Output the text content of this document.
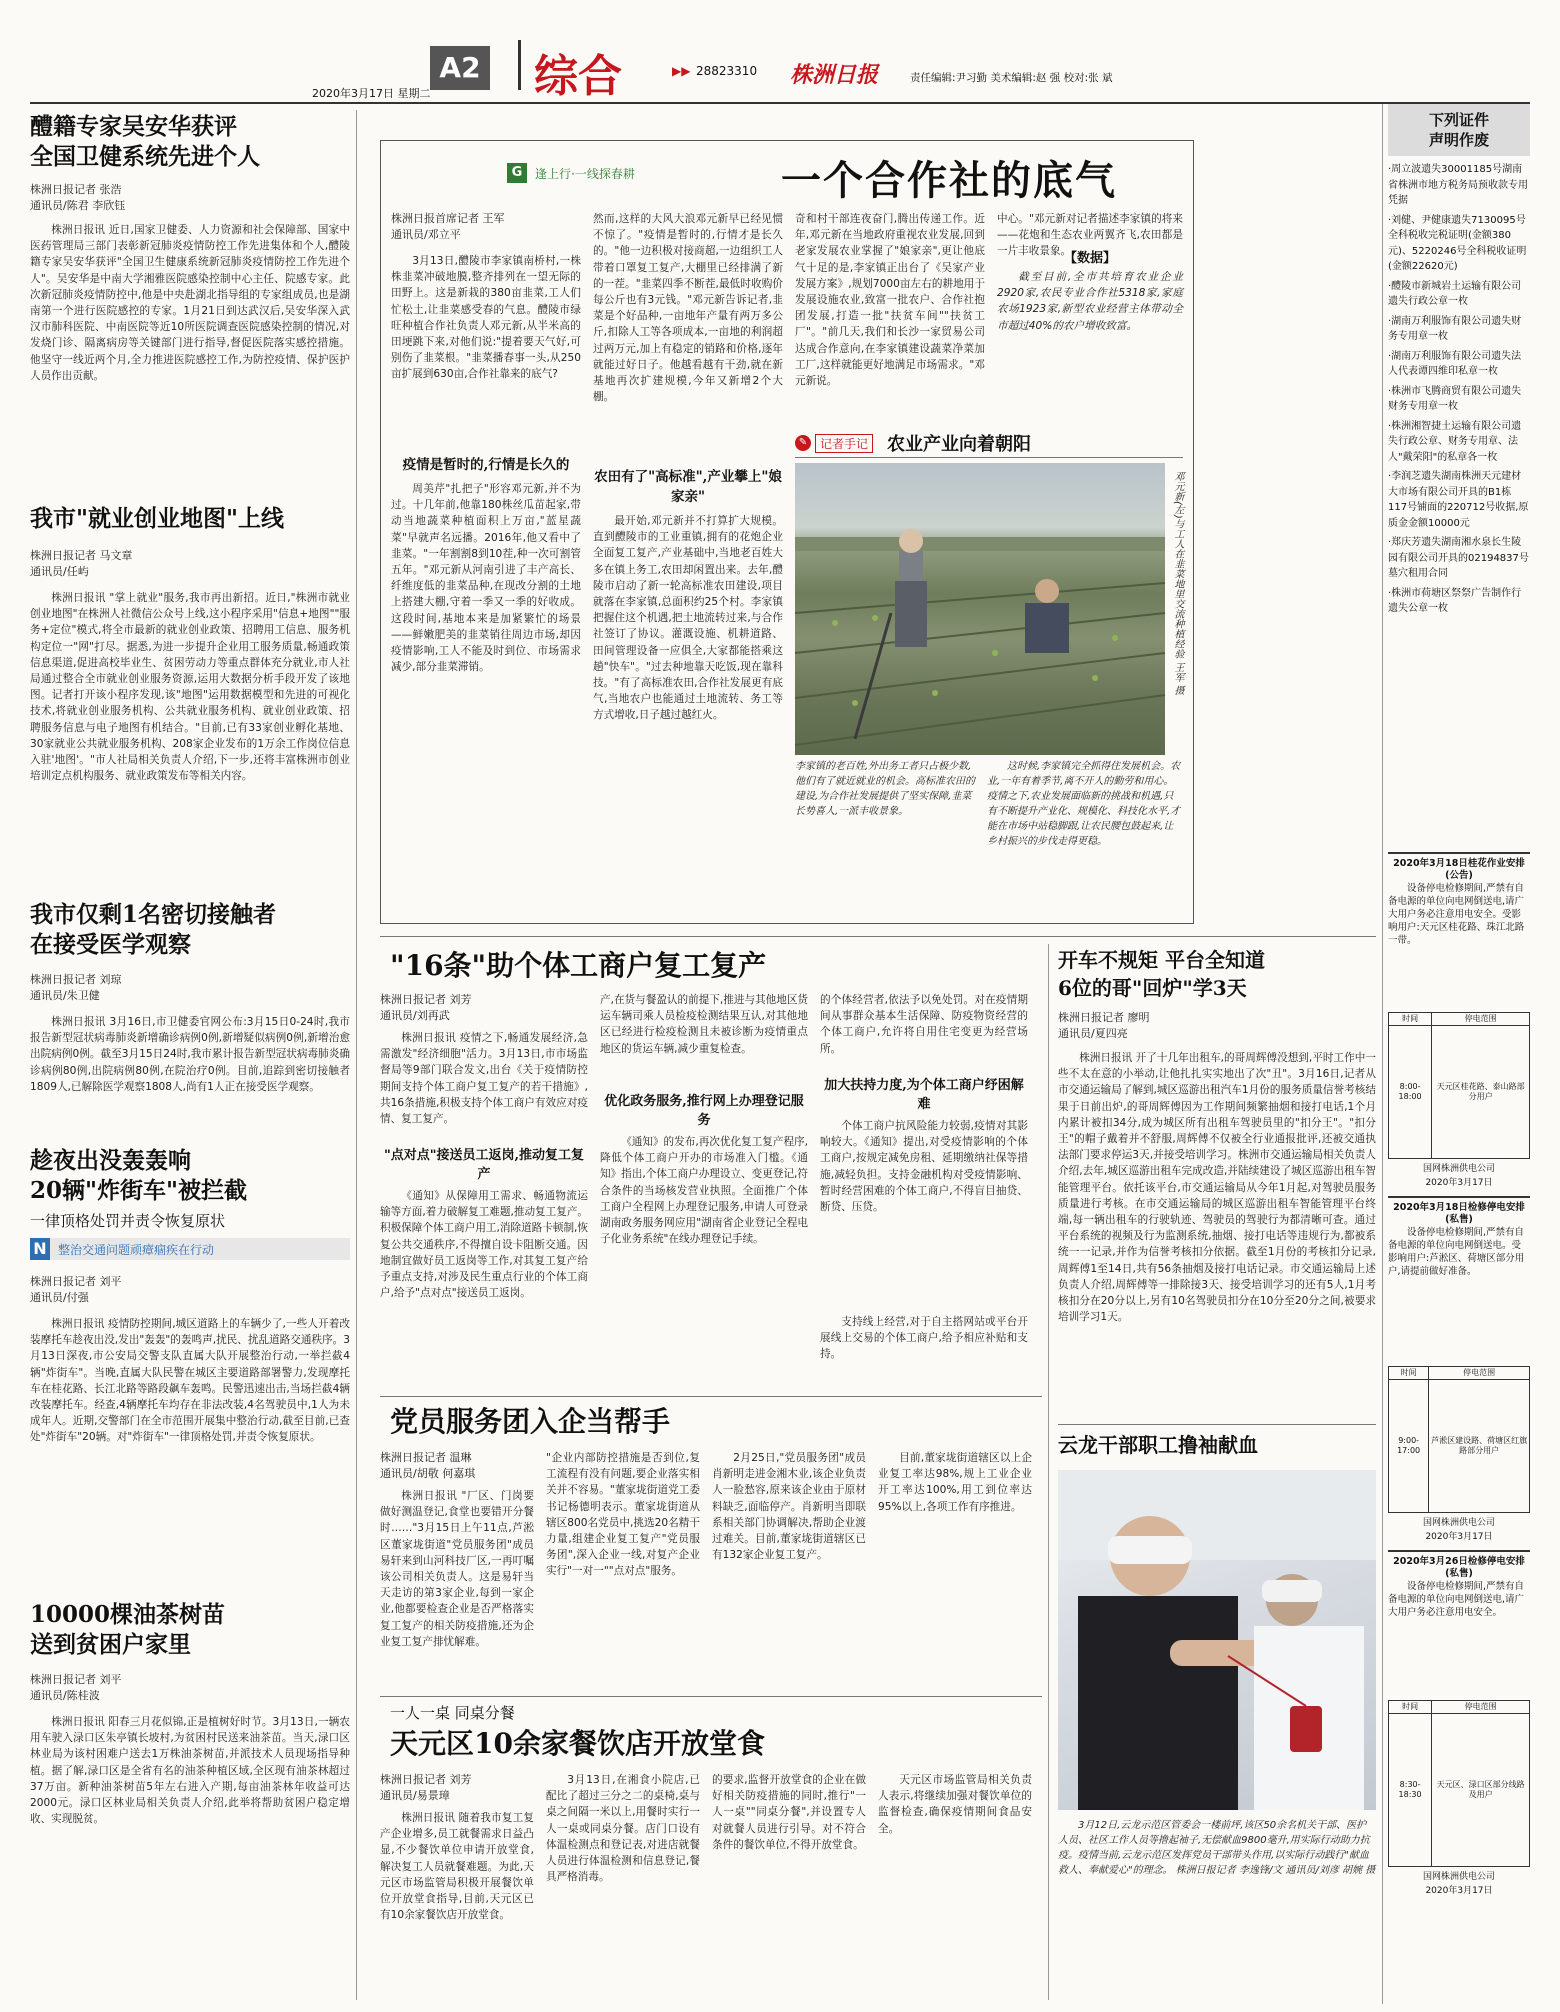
2020年3月17日 星期二
A2 综合	▶▶ 28823310 株洲日报	责任编辑:尹习勤 美术编辑:赵 强 校对:张 斌
醴籍专家吴安华获评
全国卫健系统先进个人
株洲日报记者 张浩
通讯员/陈君 李欣钰
株洲日报讯 近日,国家卫健委、人力资源和社会保障部、国家中医药管理局三部门表彰新冠肺炎疫情防控工作先进集体和个人,醴陵籍专家吴安华获评"全国卫生健康系统新冠肺炎疫情防控工作先进个人"。吴安华是中南大学湘雅医院感染控制中心主任、院感专家。此次新冠肺炎疫情防控中,他是中央赴湖北指导组的专家组成员,也是湖南第一个进行医院感控的专家。1月21日到达武汉后,吴安华深入武汉市肺科医院、中南医院等近10所医院调查医院感染控制的情况,对发烧门诊、隔离病房等关键部门进行指导,督促医院落实感控措施。他坚守一线近两个月,全力推进医院感控工作,为防控疫情、保护医护人员作出贡献。
我市"就业创业地图"上线
株洲日报记者 马文章
通讯员/任屿
株洲日报讯 "掌上就业"服务,我市再出新招。近日,"株洲市就业创业地图"在株洲人社微信公众号上线,这小程序采用"信息+地图""服务+定位"模式,将全市最新的就业创业政策、招聘用工信息、服务机构定位一"网"打尽。据悉,为进一步提升企业用工服务质量,畅通政策信息渠道,促进高校毕业生、贫困劳动力等重点群体充分就业,市人社局通过整合全市就业创业服务资源,运用大数据分析手段开发了该地图。记者打开该小程序发现,该"地图"运用数据模型和先进的可视化技术,将就业创业服务机构、公共就业服务机构、就业创业政策、招聘服务信息与电子地图有机结合。"目前,已有33家创业孵化基地、30家就业公共就业服务机构、208家企业发布的1万余工作岗位信息入驻'地图'。"市人社局相关负责人介绍,下一步,还将丰富株洲市创业培训定点机构服务、就业政策发布等相关内容。
我市仅剩1名密切接触者
在接受医学观察
株洲日报记者 刘琼
通讯员/朱卫健
株洲日报讯 3月16日,市卫健委官网公布:3月15日0-24时,我市报告新型冠状病毒肺炎新增确诊病例0例,新增疑似病例0例,新增治愈出院病例0例。截至3月15日24时,我市累计报告新型冠状病毒肺炎确诊病例80例,出院病例80例,在院治疗0例。目前,追踪到密切接触者1809人,已解除医学观察1808人,尚有1人正在接受医学观察。
趁夜出没轰轰响
20辆"炸街车"被拦截
一律顶格处罚并责令恢复原状
N 整治交通问题顽瘴痼疾在行动
株洲日报记者 刘平
通讯员/付强
株洲日报讯 疫情防控期间,城区道路上的车辆少了,一些人开着改装摩托车趁夜出没,发出"轰轰"的轰鸣声,扰民、扰乱道路交通秩序。3月13日深夜,市公安局交警支队直属大队开展整治行动,一举拦截4辆"炸街车"。当晚,直属大队民警在城区主要道路部署警力,发现摩托车在桂花路、长江北路等路段飙车轰鸣。民警迅速出击,当场拦截4辆改装摩托车。经查,4辆摩托车均存在非法改装,4名驾驶员中,1人为未成年人。近期,交警部门在全市范围开展集中整治行动,截至目前,已查处"炸街车"20辆。对"炸街车"一律顶格处罚,并责令恢复原状。
10000棵油茶树苗
送到贫困户家里
株洲日报记者 刘平
通讯员/陈桂波
株洲日报讯 阳春三月花似锦,正是植树好时节。3月13日,一辆农用车驶入渌口区朱亭镇长坡村,为贫困村民送来油茶苗。当天,渌口区林业局为该村困难户送去1万株油茶树苗,并派技术人员现场指导种植。据了解,渌口区是全省有名的油茶种植区域,全区现有油茶林超过37万亩。新种油茶树苗5年左右进入产期,每亩油茶林年收益可达2000元。渌口区林业局相关负责人介绍,此举将帮助贫困户稳定增收、实现脱贫。
G	逢上行·一线探春耕	一个合作社的底气
株洲日报首席记者 王军
通讯员/邓立平
3月13日,醴陵市李家镇南桥村,一株株韭菜冲破地膜,整齐排列在一望无际的田野上。这是新栽的380亩韭菜,工人们忙松土,让韭菜感受春的气息。醴陵市绿旺种植合作社负责人邓元新,从半米高的田埂跳下来,对他们说:"提着要天气好,可别伤了韭菜根。"韭菜播春事一头,从250亩扩展到630亩,合作社靠来的底气?
疫情是暂时的,行情是长久的
周美芹"扎把子"形容邓元新,并不为过。十几年前,他靠180株丝瓜苗起家,带动当地蔬菜种植面积上万亩,"蓝星蔬菜"早就声名远播。2016年,他又看中了韭菜。"一年割割8到10茬,种一次可割管五年。"邓元新从河南引进了丰产高长、纤维度低的韭菜品种,在现改分割的土地上搭建大棚,守着一季又一季的好收成。这段时间,基地本来是加紧繁忙的场景——鲜嫩肥美的韭菜销往周边市场,却因疫情影响,工人不能及时到位、市场需求减少,部分韭菜滞销。
然而,这样的大风大浪邓元新早已经见惯不惊了。"疫情是暂时的,行情才是长久的。"他一边积极对接商超,一边组织工人带着口罩复工复产,大棚里已经排满了新的一茬。"韭菜四季不断茬,最低时收购价每公斤也有3元钱。"邓元新告诉记者,韭菜是个好品种,一亩地年产量有两万多公斤,扣除人工等各项成本,一亩地的利润超过两万元,加上有稳定的销路和价格,逐年就能过好日子。他越看越有干劲,就在新基地再次扩建规模,今年又新增2个大棚。
农田有了"高标准",产业攀上"娘家亲"
最开始,邓元新并不打算扩大规模。直到醴陵市的工业重镇,拥有的花炮企业全面复工复产,产业基础中,当地老百姓大多在镇上务工,农田却闲置出来。去年,醴陵市启动了新一轮高标准农田建设,项目就落在李家镇,总面积约25个村。李家镇把握住这个机遇,把土地流转过来,与合作社签订了协议。灌溉设施、机耕道路、田间管理设备一应俱全,大家都能搭乘这趟"快车"。"过去种地靠天吃饭,现在靠科技。"有了高标准农田,合作社发展更有底气,当地农户也能通过土地流转、务工等方式增收,日子越过越红火。
奇和村干部连夜奋门,腾出传递工作。近年,邓元新在当地政府重视农业发展,回到老家发展农业掌握了"娘家亲",更让他底气十足的是,李家镇正出台了《吴家产业发展方案》,规划7000亩左右的耕地用于发展设施农业,致富一批农户、合作社抱团发展,打造一批"扶贫车间""扶贫工厂"。"前几天,我们和长沙一家贸易公司达成合作意向,在李家镇建设蔬菜净菜加工厂,这样就能更好地满足市场需求。"邓元新说。
中心。"邓元新对记者描述李家镇的将来——花炮和生态农业两翼齐飞,农田都是一片丰收景象。
【数据】
截至目前,全市共培育农业企业2920家,农民专业合作社5318家,家庭农场1923家,新型农业经营主体带动全市超过40%的农户增收致富。
✎	记者手记 农业产业向着朝阳
邓元新(左)与工人在韭菜地里交流种植经验 王军 摄
李家镇的老百姓,外出务工者只占极少数,他们有了就近就业的机会。高标准农田的建设,为合作社发展提供了坚实保障,韭菜长势喜人,一派丰收景象。
这时候,李家镇完全抓得住发展机会。农业,一年有着季节,离不开人的勤劳和用心。疫情之下,农业发展面临新的挑战和机遇,只有不断提升产业化、规模化、科技化水平,才能在市场中站稳脚跟,让农民腰包鼓起来,让乡村振兴的步伐走得更稳。
下列证件
声明作废
·周立波遗失30001185号湖南省株洲市地方税务局预收款专用凭据
·刘健、尹健康遗失7130095号全科税收完税证明(金额380元)、5220246号全科税收证明(金额22620元)
·醴陵市新城岩土运输有限公司遗失行政公章一枚
·湖南万利服饰有限公司遗失财务专用章一枚
·湖南万利服饰有限公司遗失法人代表谭四维印私章一枚
·株洲市飞腾商贸有限公司遗失财务专用章一枚
·株洲湘智捷土运输有限公司遗失行政公章、财务专用章、法人"戴荣阳"的私章各一枚
·李润芝遗失湖南株洲天元建材大市场有限公司开具的B1栋117号铺面的220712号收据,原质金金额10000元
·郑庆芳遗失湖南湘水泉长生陵园有限公司开具的02194837号墓穴租用合同
·株洲市荷塘区祭祭广告制作行遗失公章一枚
2020年3月18日桂花作业安排(公告)
设备停电检修期间,严禁有自备电源的单位向电网倒送电,请广大用户务必注意用电安全。受影响用户:天元区桂花路、珠江北路一带。
时间	停电范围
8:00-18:00	天元区桂花路、泰山路部分用户
国网株洲供电公司
2020年3月17日
2020年3月18日检修停电安排(私售)
设备停电检修期间,严禁有自备电源的单位向电网倒送电。受影响用户:芦淞区、荷塘区部分用户,请提前做好准备。
时间	停电范围
9:00-17:00	芦淞区建设路、荷塘区红旗路部分用户
国网株洲供电公司
2020年3月17日
2020年3月26日检修停电安排(私售)
设备停电检修期间,严禁有自备电源的单位向电网倒送电,请广大用户务必注意用电安全。
时间	停电范围
8:30-18:30	天元区、渌口区部分线路及用户
国网株洲供电公司
2020年3月17日
"16条"助个体工商户复工复产
株洲日报记者 刘芳
通讯员/刘再武
株洲日报讯 疫情之下,畅通发展经济,急需激发"经济细胞"活力。3月13日,市市场监督局等9部门联合发文,出台《关于疫情防控期间支持个体工商户复工复产的若干措施》,共16条措施,积极支持个体工商户有效应对疫情、复工复产。
"点对点"接送员工返岗,推动复工复产
《通知》从保障用工需求、畅通物流运输等方面,着力破解复工难题,推动复工复产。积极保障个体工商户用工,消除道路卡顿制,恢复公共交通秩序,不得擅自设卡阻断交通。因地制宜做好员工返岗等工作,对其复工复产给予重点支持,对涉及民生重点行业的个体工商户,给予"点对点"接送员工返岗。
产,在货与餐盈认的前提下,推进与其他地区货运车辆司乘人员检疫检测结果互认,对其他地区已经进行检疫检测且未被诊断为疫情重点地区的货运车辆,减少重复检查。
优化政务服务,推行网上办理登记服务
《通知》的发布,再次优化复工复产程序,降低个体工商户开办的市场准入门槛。《通知》指出,个体工商户办理设立、变更登记,符合条件的当场核发营业执照。全面推广个体工商户全程网上办理登记服务,申请人可登录湖南政务服务网应用"湖南省企业登记全程电子化业务系统"在线办理登记手续。
的个体经营者,依法予以免处罚。对在疫情期间从事群众基本生活保障、防疫物资经营的个体工商户,允许将自用住宅变更为经营场所。
加大扶持力度,为个体工商户纾困解难
个体工商户抗风险能力较弱,疫情对其影响较大。《通知》提出,对受疫情影响的个体工商户,按规定减免房租、延期缴纳社保等措施,减轻负担。支持金融机构对受疫情影响、暂时经营困难的个体工商户,不得盲目抽贷、断贷、压贷。
支持线上经营,对于自主搭网站或平台开展线上交易的个体工商户,给予相应补贴和支持。
党员服务团入企当帮手
株洲日报记者 温琳
通讯员/胡敬 何嘉琪
株洲日报讯 "厂区、门岗要做好测温登记,食堂也要错开分餐时……"3月15日上午11点,芦淞区董家垅街道"党员服务团"成员易轩来到山河科技厂区,一再叮嘱该公司相关负责人。这是易轩当天走访的第3家企业,每到一家企业,他都要检查企业是否严格落实复工复产的相关防疫措施,还为企业复工复产排忧解难。
"企业内部防控措施是否到位,复工流程有没有问题,要企业落实相关并不容易。"董家垅街道党工委书记杨德明表示。董家垅街道从辖区800名党员中,挑选20名精干力量,组建企业复工复产"党员服务团",深入企业一线,对复产企业实行"一对一""点对点"服务。
2月25日,"党员服务团"成员肖新明走进金湘木业,该企业负责人一脸愁容,原来该企业由于原材料缺乏,面临停产。肖新明当即联系相关部门协调解决,帮助企业渡过难关。目前,董家垅街道辖区已有132家企业复工复产。
目前,董家垅街道辖区以上企业复工率达98%,规上工业企业开工率达100%,用工到位率达95%以上,各项工作有序推进。
一人一桌 同桌分餐
天元区10余家餐饮店开放堂食
株洲日报记者 刘芳
通讯员/易景璋
株洲日报讯 随着我市复工复产企业增多,员工就餐需求日益凸显,不少餐饮单位申请开放堂食,解决复工人员就餐难题。为此,天元区市场监管局积极开展餐饮单位开放堂食指导,目前,天元区已有10余家餐饮店开放堂食。
3月13日,在湘食小院店,已配比了超过三分之二的桌椅,桌与桌之间隔一米以上,用餐时实行一人一桌或同桌分餐。店门口设有体温检测点和登记表,对进店就餐人员进行体温检测和信息登记,餐具严格消毒。
的要求,监督开放堂食的企业在做好相关防疫措施的同时,推行"一人一桌""同桌分餐",并设置专人对就餐人员进行引导。对不符合条件的餐饮单位,不得开放堂食。
天元区市场监管局相关负责人表示,将继续加强对餐饮单位的监督检查,确保疫情期间食品安全。
开车不规矩 平台全知道
6位的哥"回炉"学3天
株洲日报记者 廖明
通讯员/夏四亮
株洲日报讯 开了十几年出租车,的哥周辉傅没想到,平时工作中一些不太在意的小举动,让他扎扎实实地出了次"丑"。3月16日,记者从市交通运输局了解到,城区巡游出租汽车1月份的服务质量信誉考核结果于日前出炉,的哥周辉傅因为工作期间频繁抽烟和接打电话,1个月内累计被扣34分,成为城区所有出租车驾驶员里的"扣分王"。"扣分王"的帽子戴着并不舒服,周辉傅不仅被全行业通报批评,还被交通执法部门要求停运3天,并接受培训学习。株洲市交通运输局相关负责人介绍,去年,城区巡游出租车完成改造,并陆续建设了城区巡游出租车智能管理平台。依托该平台,市交通运输局从今年1月起,对驾驶员服务质量进行考核。在市交通运输局的城区巡游出租车智能管理平台终端,每一辆出租车的行驶轨迹、驾驶员的驾驶行为都清晰可查。通过平台系统的视频及行为监测系统,抽烟、接打电话等违规行为,都被系统一一记录,并作为信誉考核扣分依据。截至1月份的考核扣分记录,周辉傅1至14日,共有56条抽烟及接打电话记录。市交通运输局上述负责人介绍,周辉傅等一排除接3天、接受培训学习的还有5人,1月考核扣分在20分以上,另有10名驾驶员扣分在10分至20分之间,被要求培训学习1天。
云龙干部职工撸袖献血
3月12日,云龙示范区管委会一楼前坪,该区50余名机关干部、医护人员、社区工作人员等撸起袖子,无偿献血9800毫升,用实际行动助力抗疫。疫情当前,云龙示范区发挥党员干部带头作用,以实际行动践行"献血救人、奉献爱心"的理念。 株洲日报记者 李逸锋/文 通讯员/刘彦 胡婉 摄
